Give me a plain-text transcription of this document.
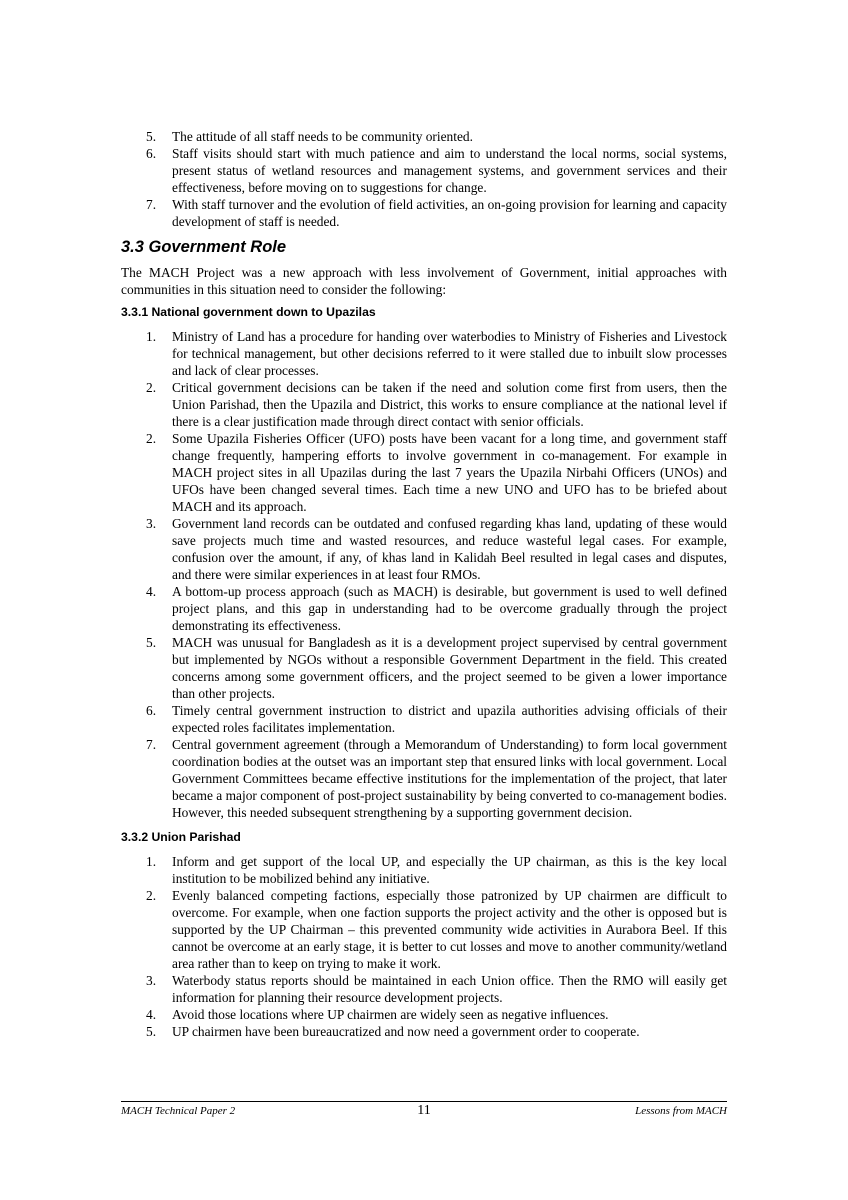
5.	The attitude of all staff needs to be community oriented.
6.	Staff visits should start with much patience and aim to understand the local norms, social systems, present status of wetland resources and management systems, and government services and their effectiveness, before moving on to suggestions for change.
7.	With staff turnover and the evolution of field activities, an on-going provision for learning and capacity development of staff is needed.
3.3 Government Role

The MACH Project was a new approach with less involvement of Government, initial approaches with communities in this situation need to consider the following:

3.3.1 National government down to Upazilas
1.	Ministry of Land has a procedure for handing over waterbodies to Ministry of Fisheries and Livestock for technical management, but other decisions referred to it were stalled due to inbuilt slow processes and lack of clear processes.
2.	Critical government decisions can be taken if the need and solution come first from users, then the Union Parishad, then the Upazila and District, this works to ensure compliance at the national level if there is a clear justification made through direct contact with senior officials.
2.	Some Upazila Fisheries Officer (UFO) posts have been vacant for a long time, and government staff change frequently, hampering efforts to involve government in co-management. For example in MACH project sites in all Upazilas during the last 7 years the Upazila Nirbahi Officers (UNOs) and UFOs have been changed several times. Each time a new UNO and UFO has to be briefed about MACH and its approach.
3.	Government land records can be outdated and confused regarding khas land, updating of these would save projects much time and wasted resources, and reduce wasteful legal cases. For example, confusion over the amount, if any, of khas land in Kalidah Beel resulted in legal cases and disputes, and there were similar experiences in at least four RMOs.
4.	A bottom-up process approach (such as MACH) is desirable, but government is used to well defined project plans, and this gap in understanding had to be overcome gradually through the project demonstrating its effectiveness.
5.	MACH was unusual for Bangladesh as it is a development project supervised by central government but implemented by NGOs without a responsible Government Department in the field. This created concerns among some government officers, and the project seemed to be given a lower importance than other projects.
6.	Timely central government instruction to district and upazila authorities advising officials of their expected roles facilitates implementation.
7.	Central government agreement (through a Memorandum of Understanding) to form local government coordination bodies at the outset was an important step that ensured links with local government. Local Government Committees became effective institutions for the implementation of the project, that later became a major component of post-project sustainability by being converted to co-management bodies. However, this needed subsequent strengthening by a supporting government decision.
3.3.2 Union Parishad
1.	Inform and get support of the local UP, and especially the UP chairman, as this is the key local institution to be mobilized behind any initiative.
2.	Evenly balanced competing factions, especially those patronized by UP chairmen are difficult to overcome. For example, when one faction supports the project activity and the other is opposed but is supported by the UP Chairman – this prevented community wide activities in Aurabora Beel. If this cannot be overcome at an early stage, it is better to cut losses and move to another community/wetland area rather than to keep on trying to make it work.
3.	Waterbody status reports should be maintained in each Union office. Then the RMO will easily get information for planning their resource development projects.
4.	Avoid those locations where UP chairmen are widely seen as negative influences.
5.	UP chairmen have been bureaucratized and now need a government order to cooperate.
MACH Technical Paper 2	11	Lessons from MACH
